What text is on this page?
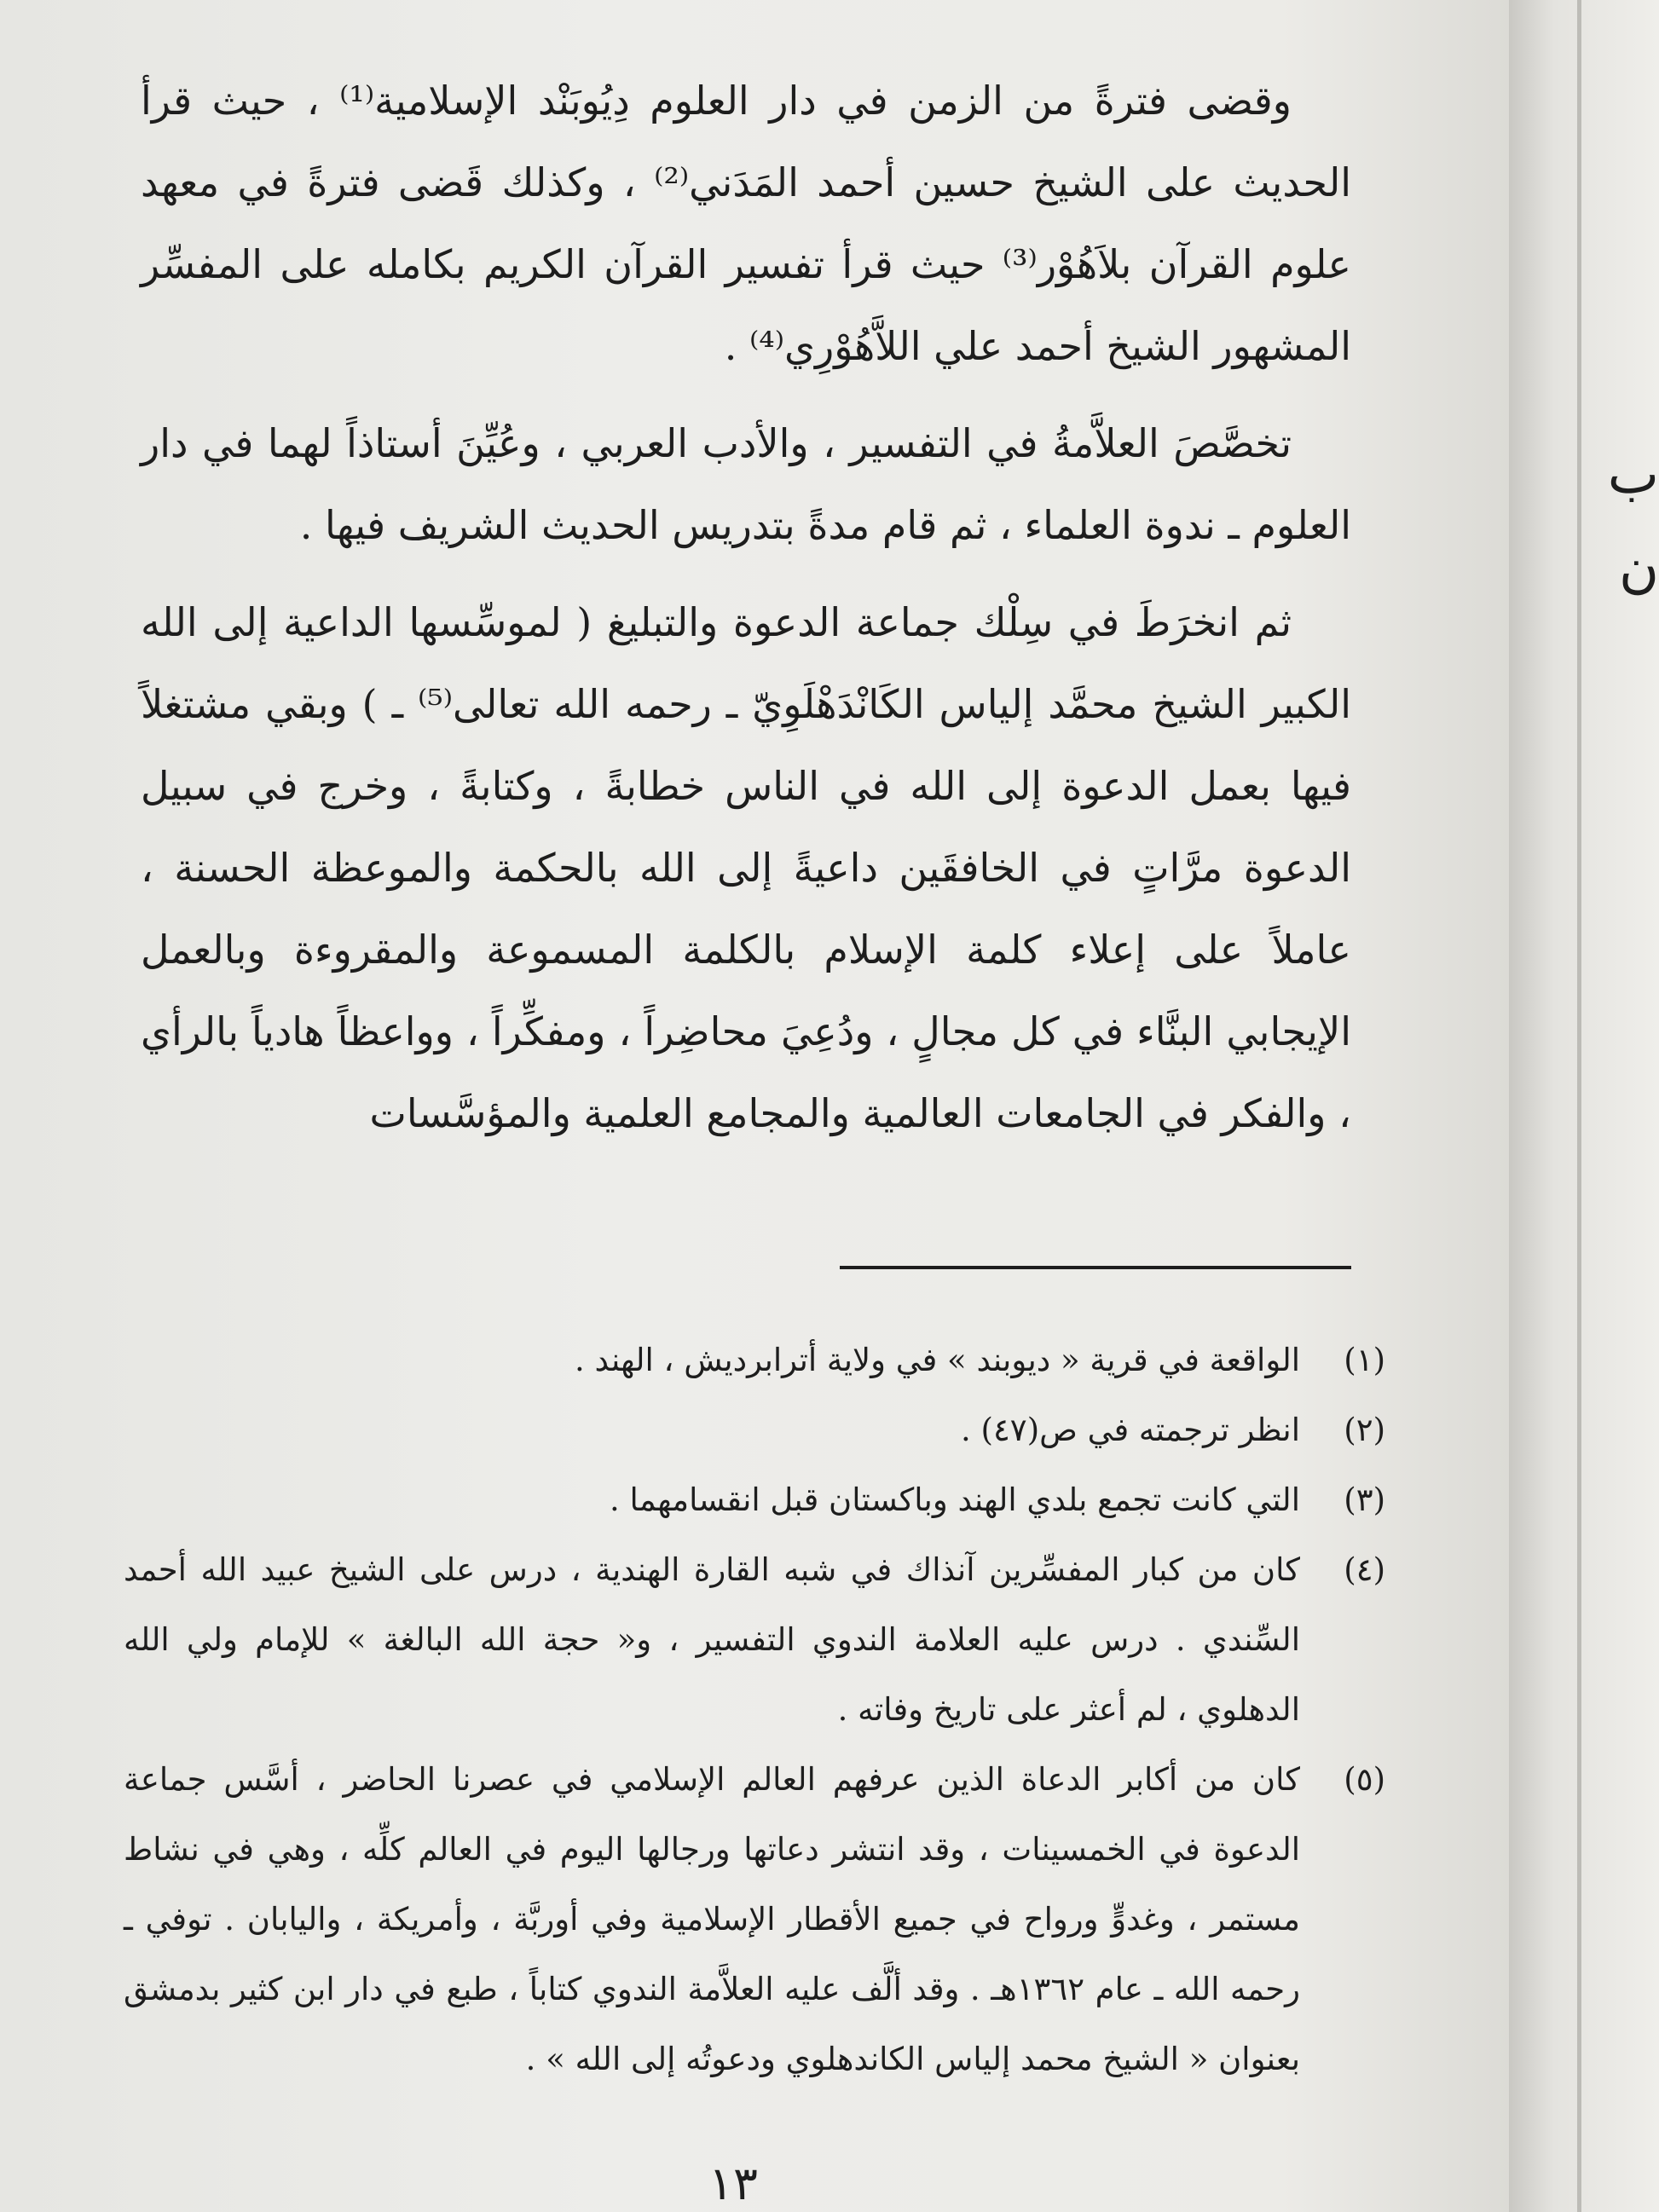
وقضى فترةً من الزمن في دار العلوم دِيُوبَنْد الإسلامية⁽¹⁾ ، حيث قرأ الحديث على الشيخ حسين أحمد المَدَني⁽²⁾ ، وكذلك قَضى فترةً في معهد علوم القرآن بلاَهُوْر⁽³⁾ حيث قرأ تفسير القرآن الكريم بكامله على المفسِّر المشهور الشيخ أحمد علي اللاَّهُوْرِي⁽⁴⁾ .

تخصَّصَ العلاَّمةُ في التفسير ، والأدب العربي ، وعُيِّنَ أستاذاً لهما في دار العلوم ـ ندوة العلماء ، ثم قام مدةً بتدريس الحديث الشريف فيها .

ثم انخرَطَ في سِلْك جماعة الدعوة والتبليغ ( لموسِّسها الداعية إلى الله الكبير الشيخ محمَّد إلياس الكَانْدَهْلَوِيّ ـ رحمه الله تعالى⁽⁵⁾ ـ ) وبقي مشتغلاً فيها بعمل الدعوة إلى الله في الناس خطابةً ، وكتابةً ، وخرج في سبيل الدعوة مرَّاتٍ في الخافقَين داعيةً إلى الله بالحكمة والموعظة الحسنة ، عاملاً على إعلاء كلمة الإسلام بالكلمة المسموعة والمقروءة وبالعمل الإيجابي البنَّاء في كل مجالٍ ، ودُعِيَ محاضِراً ، ومفكِّراً ، وواعظاً هادياً بالرأي ، والفكر في الجامعات العالمية والمجامع العلمية والمؤسَّسات

(١)
الواقعة في قرية « ديوبند » في ولاية أترابرديش ، الهند .
(٢)
انظر ترجمته في ص(٤٧) .
(٣)
التي كانت تجمع بلدي الهند وباكستان قبل انقسامهما .
(٤)
كان من كبار المفسِّرين آنذاك في شبه القارة الهندية ، درس على الشيخ عبيد الله أحمد السِّندي . درس عليه العلامة الندوي التفسير ، و« حجة الله البالغة » للإمام ولي الله الدهلوي ، لم أعثر على تاريخ وفاته .
(٥)
كان من أكابر الدعاة الذين عرفهم العالم الإسلامي في عصرنا الحاضر ، أسَّس جماعة الدعوة في الخمسينات ، وقد انتشر دعاتها ورجالها اليوم في العالم كلِّه ، وهي في نشاط مستمر ، وغدوٍّ ورواح في جميع الأقطار الإسلامية وفي أوربَّة ، وأمريكة ، واليابان . توفي ـ رحمه الله ـ عام ١٣٦٢هـ . وقد ألَّف عليه العلاَّمة الندوي كتاباً ، طبع في دار ابن كثير بدمشق بعنوان « الشيخ محمد إلياس الكاندهلوي ودعوتُه إلى الله » .
١٣
ب
ن
